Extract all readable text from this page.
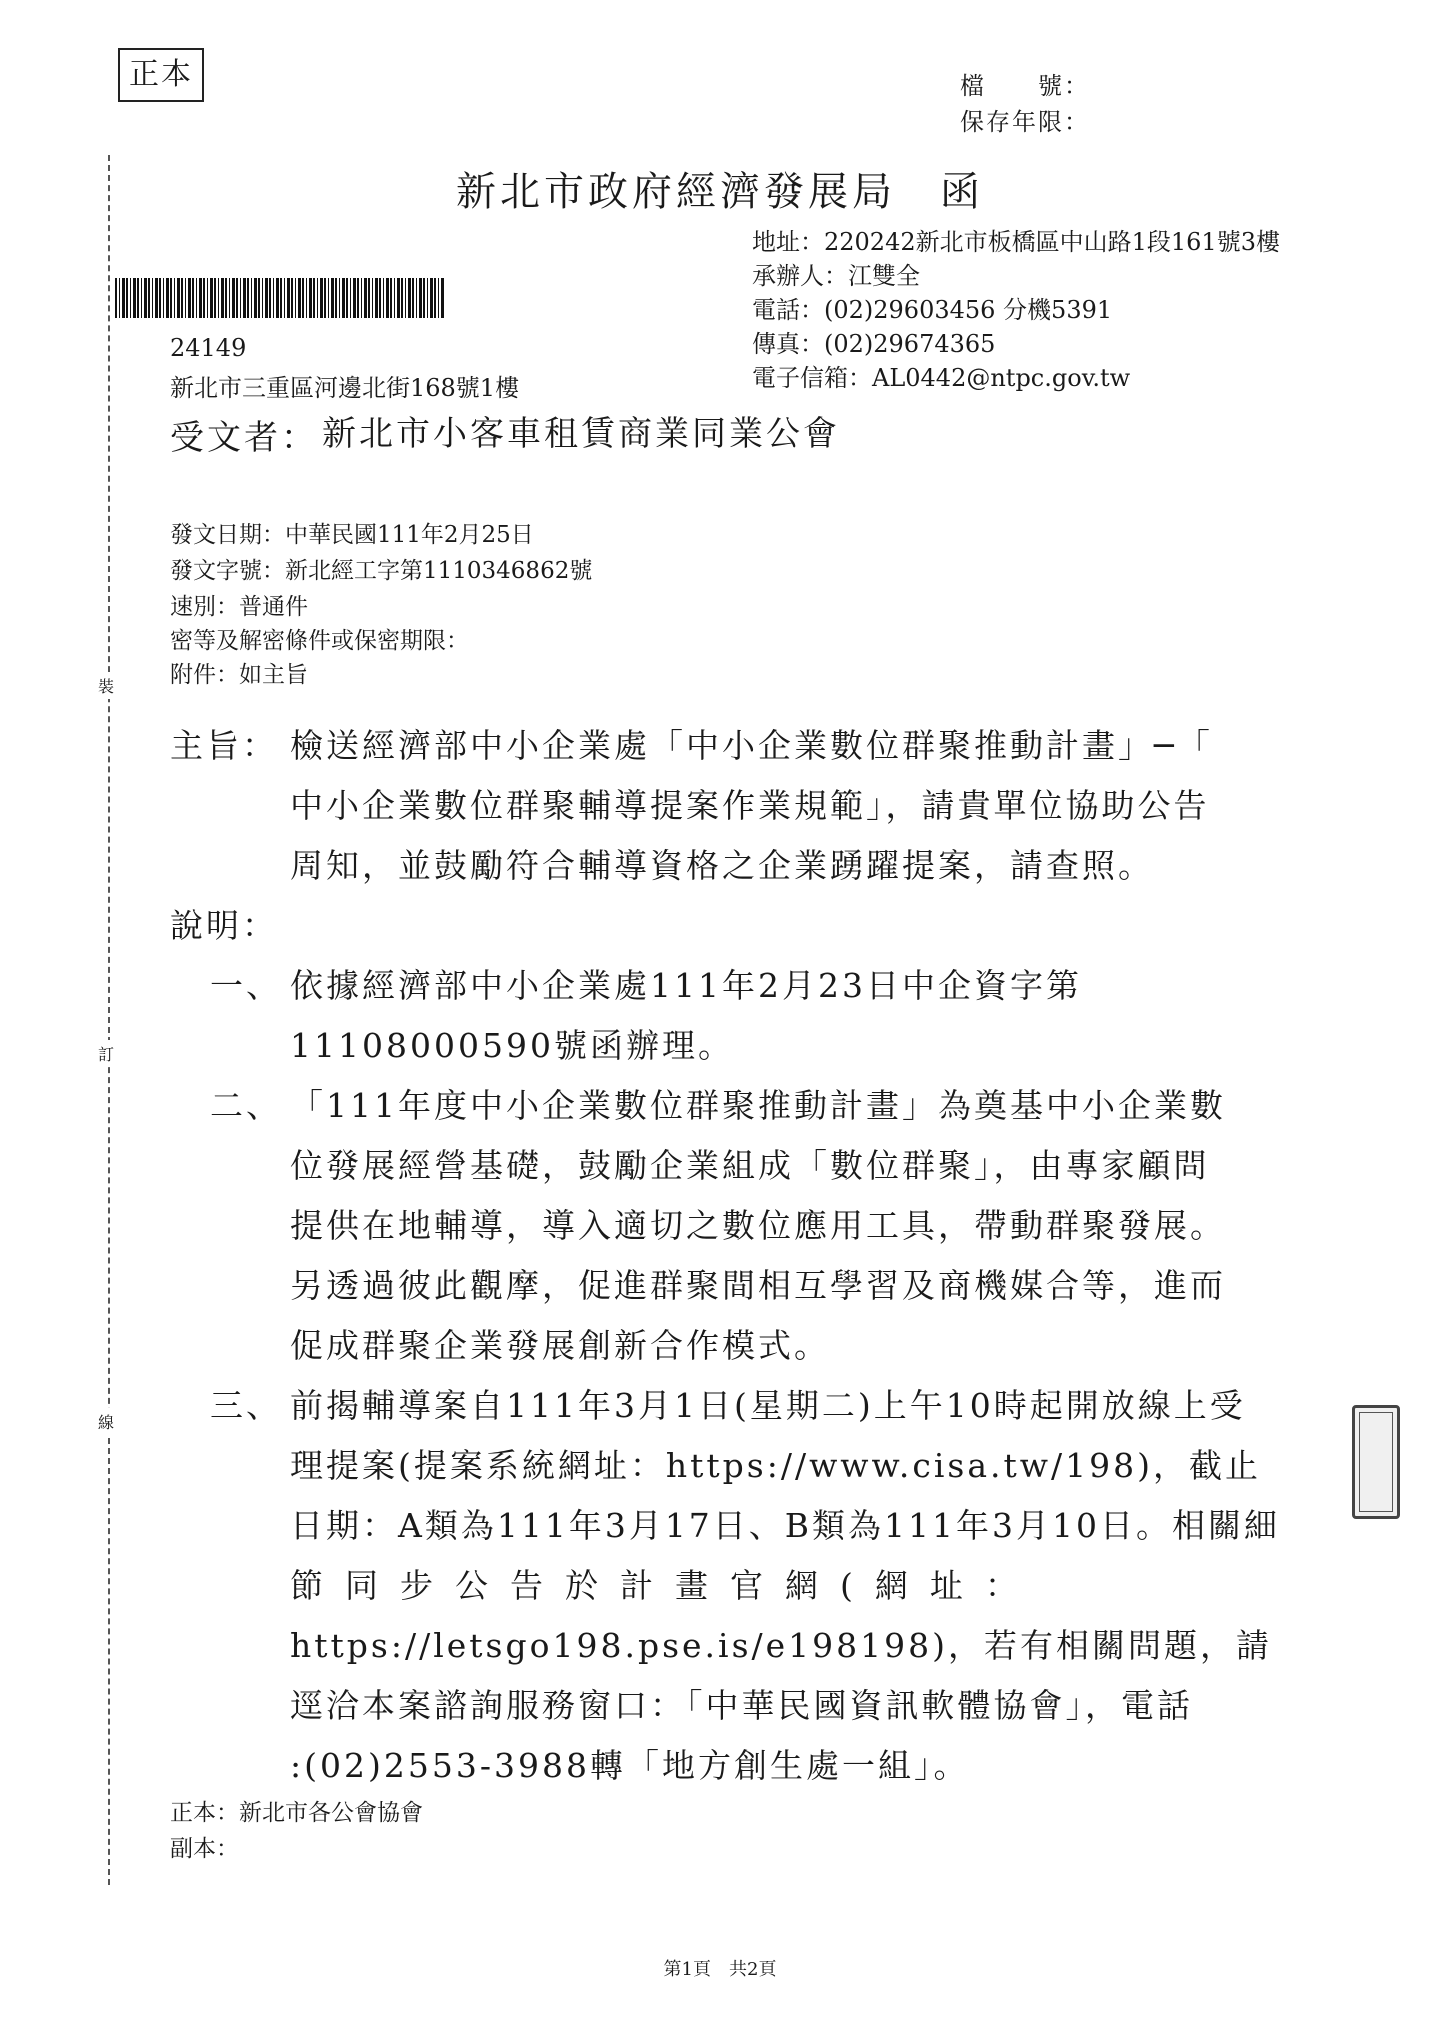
正本	檔　　號：
保存年限：
裝
訂
線
新北市政府經濟發展局　函
地址：220242新北市板橋區中山路1段161號3樓
承辦人：江雙全
電話：(02)29603456 分機5391
傳真：(02)29674365
電子信箱：AL0442@ntpc.gov.tw
24149
新北市三重區河邊北街168號1樓
受文者： 新北市小客車租賃商業同業公會
發文日期：中華民國111年2月25日
發文字號：新北經工字第1110346862號
速別：普通件
密等及解密條件或保密期限：
附件：如主旨
主旨： 檢送經濟部中小企業處「中小企業數位群聚推動計畫」─「
中小企業數位群聚輔導提案作業規範」，請貴單位協助公告
周知，並鼓勵符合輔導資格之企業踴躍提案，請查照。
說明：
一、 依據經濟部中小企業處111年2月23日中企資字第
11108000590號函辦理。
二、 「111年度中小企業數位群聚推動計畫」為奠基中小企業數
位發展經營基礎，鼓勵企業組成「數位群聚」，由專家顧問
提供在地輔導，導入適切之數位應用工具，帶動群聚發展。
另透過彼此觀摩，促進群聚間相互學習及商機媒合等，進而
促成群聚企業發展創新合作模式。
三、 前揭輔導案自111年3月1日(星期二)上午10時起開放線上受
理提案(提案系統網址：https://www.cisa.tw/198)，截止
日期：A類為111年3月17日、B類為111年3月10日。相關細
節同步公告於計畫官網(網址：
https://letsgo198.pse.is/e198198)，若有相關問題，請
逕洽本案諮詢服務窗口：「中華民國資訊軟體協會」，電話
:(02)2553-3988轉「地方創生處一組」。
正本：新北市各公會協會
副本：
第1頁　共2頁
